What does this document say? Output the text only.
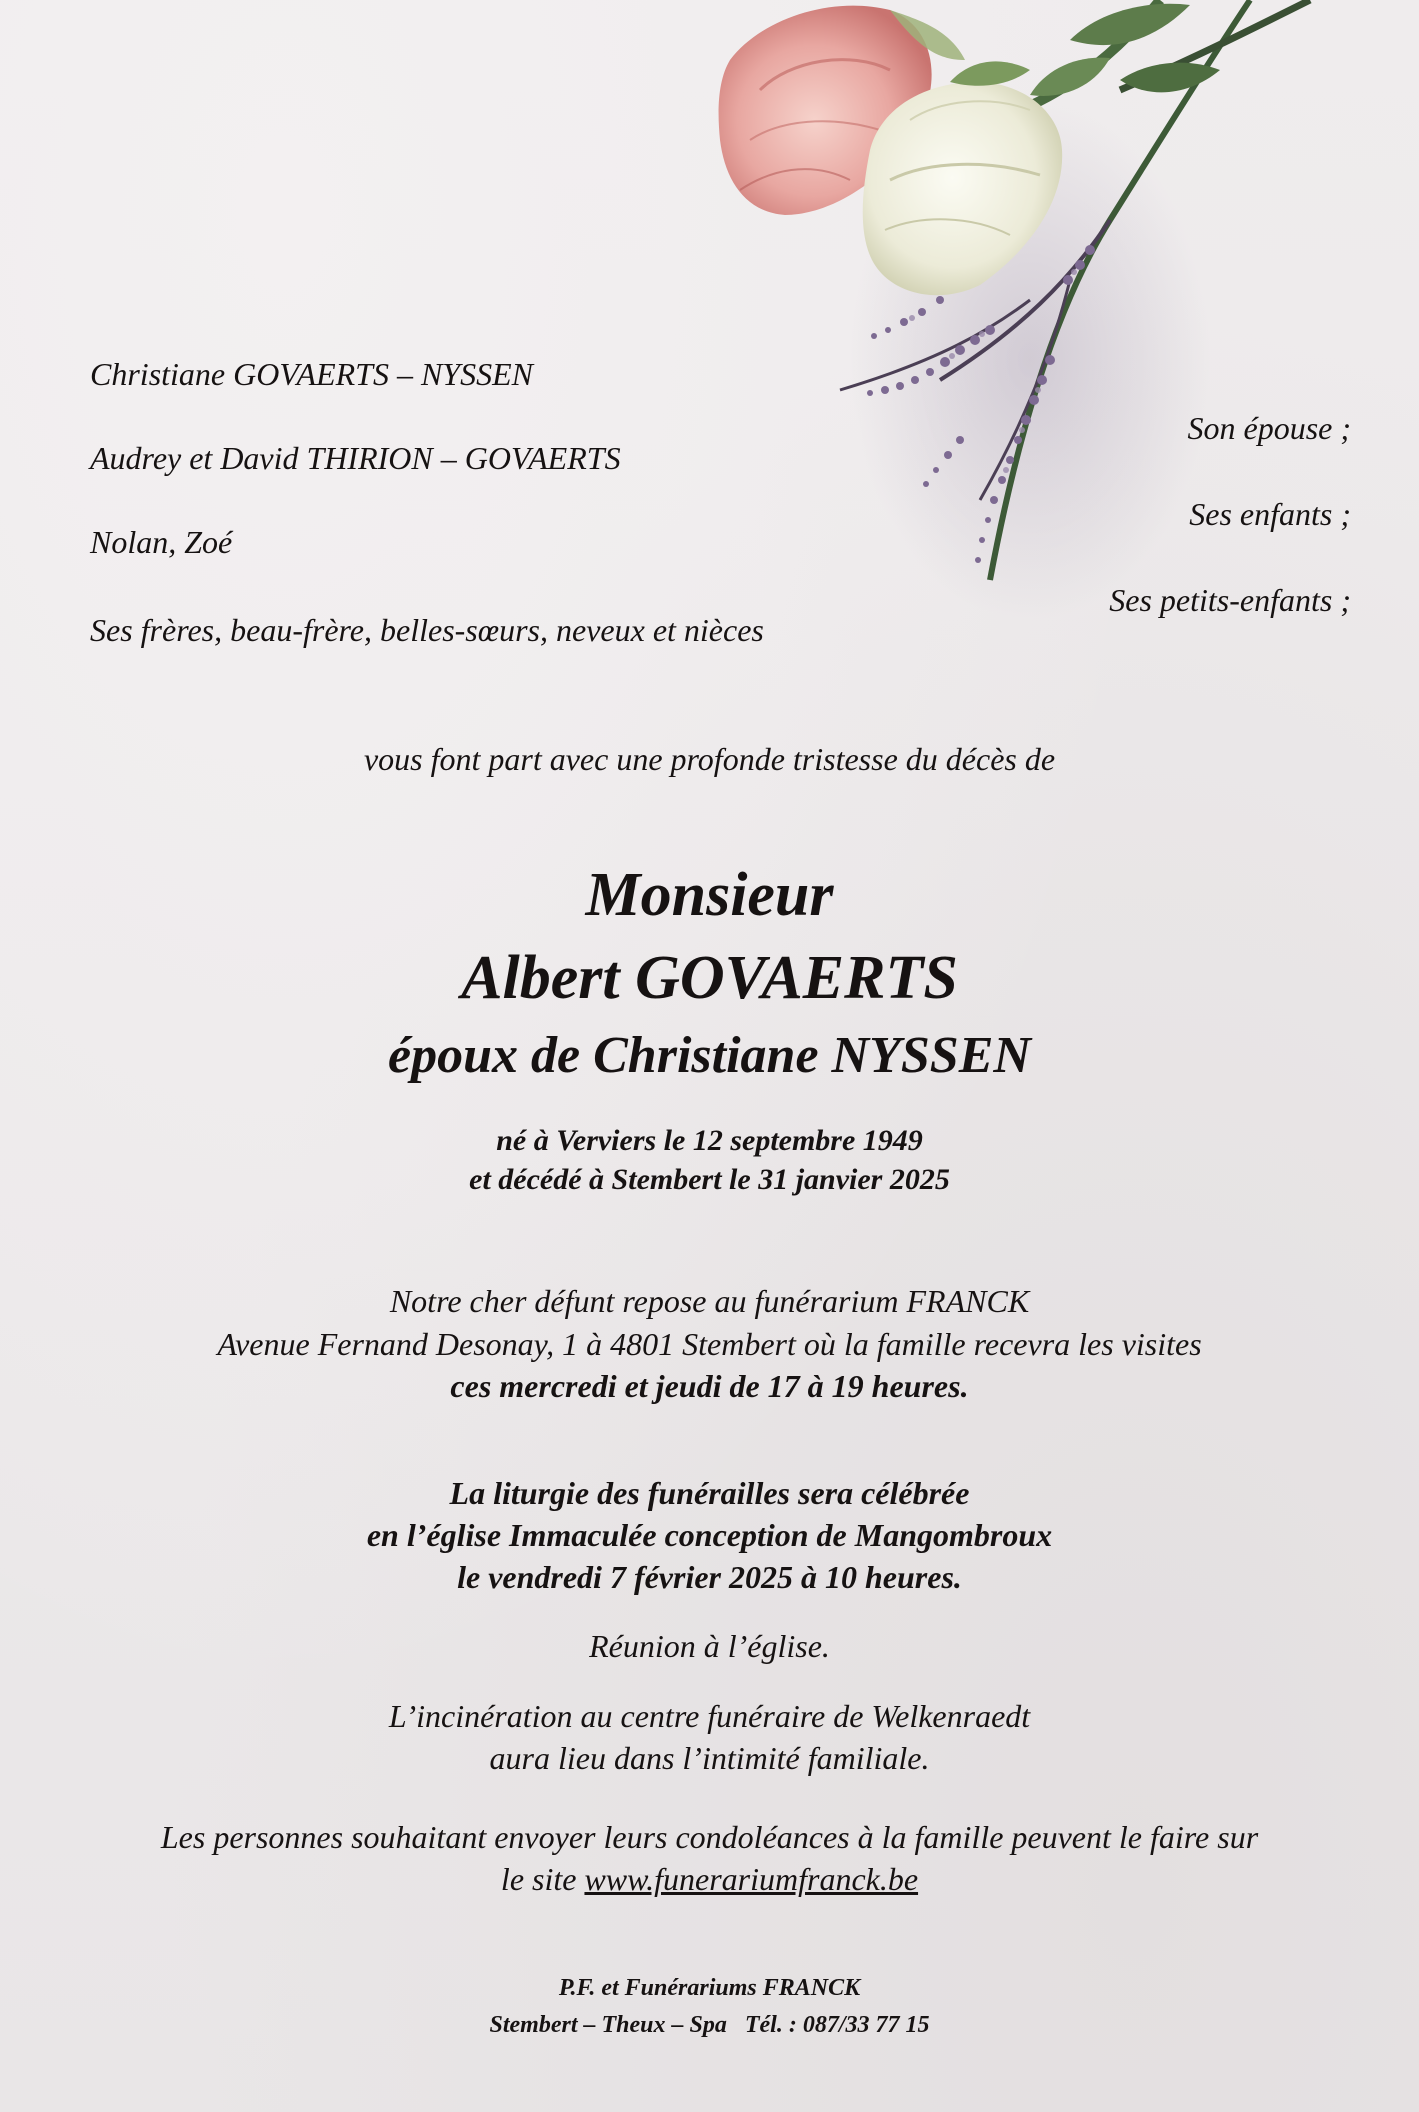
Christiane GOVAERTS – NYSSEN
Audrey et David THIRION – GOVAERTS
Nolan, Zoé
Ses frères, beau-frère, belles-sœurs, neveux et nièces
Son épouse ;
Ses enfants ;
Ses petits-enfants ;
vous font part avec une profonde tristesse du décès de
Monsieur
Albert GOVAERTS
époux de Christiane NYSSEN
né à Verviers le 12 septembre 1949
et décédé à Stembert le 31 janvier 2025
Notre cher défunt repose au funérarium FRANCK
Avenue Fernand Desonay, 1 à 4801 Stembert où la famille recevra les visites
ces mercredi et jeudi de 17 à 19 heures.
La liturgie des funérailles sera célébrée
en l’église Immaculée conception de Mangombroux
le vendredi 7 février 2025 à 10 heures.
Réunion à l’église.
L’incinération au centre funéraire de Welkenraedt
aura lieu dans l’intimité familiale.
Les personnes souhaitant envoyer leurs condoléances à la famille peuvent le faire sur
le site www.funerariumfranck.be
P.F. et Funérariums FRANCK
Stembert – Theux – Spa   Tél. : 087/33 77 15
